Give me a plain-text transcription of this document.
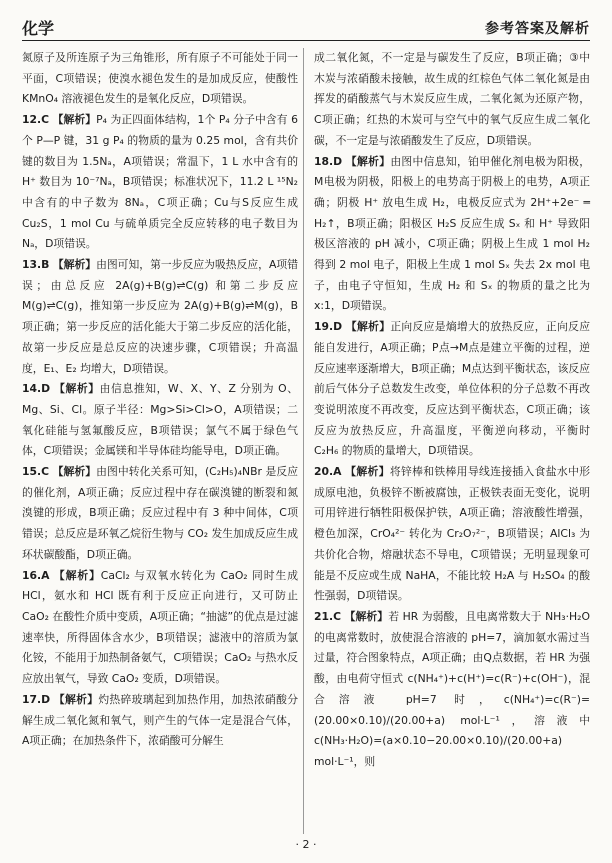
化学	参考答案及解析

氮原子及所连原子为三角锥形，所有原子不可能处于同一平面，C项错误；使溴水褪色发生的是加成反应，使酸性 KMnO₄ 溶液褪色发生的是氧化反应，D项错误。

12.C 【解析】P₄ 为正四面体结构，1个 P₄ 分子中含有 6 个 P—P 键，31 g P₄ 的物质的量为 0.25 mol，含有共价键的数目为 1.5Nₐ，A项错误；常温下，1 L 水中含有的 H⁺ 数目为 10⁻⁷Nₐ，B项错误；标准状况下，11.2 L ¹⁵N₂ 中含有的中子数为 8Nₐ，C项正确；Cu与S反应生成 Cu₂S，1 mol Cu 与硫单质完全反应转移的电子数目为 Nₐ，D项错误。

13.B 【解析】由图可知，第一步反应为吸热反应，A项错误；由总反应 2A(g)+B(g)⇌C(g) 和第二步反应 M(g)⇌C(g)，推知第一步反应为 2A(g)+B(g)⇌M(g)，B项正确；第一步反应的活化能大于第二步反应的活化能，故第一步反应是总反应的决速步骤，C项错误；升高温度，E₁、E₂ 均增大，D项错误。

14.D 【解析】由信息推知，W、X、Y、Z 分别为 O、Mg、Si、Cl。原子半径：Mg>Si>Cl>O，A项错误；二氧化硅能与氢氟酸反应，B项错误；氯气不属于绿色气体，C项错误；金属镁和半导体硅均能导电，D项正确。

15.C 【解析】由图中转化关系可知，(C₂H₅)₄NBr 是反应的催化剂，A项正确；反应过程中存在碳溴键的断裂和氮溴键的形成，B项正确；反应过程中有 3 种中间体，C项错误；总反应是环氧乙烷衍生物与 CO₂ 发生加成反应生成环状碳酸酯，D项正确。

16.A 【解析】CaCl₂ 与双氧水转化为 CaO₂ 同时生成 HCl，氨水和 HCl 既有利于反应正向进行，又可防止 CaO₂ 在酸性介质中变质，A项正确；“抽滤”的优点是过滤速率快，所得固体含水少，B项错误；滤液中的溶质为氯化铵，不能用于加热制备氨气，C项错误；CaO₂ 与热水反应放出氧气，导致 CaO₂ 变质，D项错误。

17.D 【解析】灼热碎玻璃起到加热作用，加热浓硝酸分解生成二氧化氮和氧气，则产生的气体一定是混合气体，A项正确；在加热条件下，浓硝酸可分解生

成二氧化氮，不一定是与碳发生了反应，B项正确；③中木炭与浓硝酸未接触，故生成的红棕色气体二氧化氮是由挥发的硝酸蒸气与木炭反应生成，二氧化氮为还原产物，C项正确；红热的木炭可与空气中的氧气反应生成二氧化碳，不一定是与浓硝酸发生了反应，D项错误。

18.D 【解析】由图中信息知，铂甲催化剂电极为阳极，M电极为阴极，阳极上的电势高于阴极上的电势，A项正确；阴极 H⁺ 放电生成 H₂，电极反应式为 2H⁺+2e⁻ ═ H₂↑，B项正确；阳极区 H₂S 反应生成 Sₓ 和 H⁺ 导致阳极区溶液的 pH 减小，C项正确；阴极上生成 1 mol H₂ 得到 2 mol 电子，阳极上生成 1 mol Sₓ 失去 2x mol 电子，由电子守恒知，生成 H₂ 和 Sₓ 的物质的量之比为 x:1，D项错误。

19.D 【解析】正向反应是熵增大的放热反应，正向反应能自发进行，A项正确；P点→M点是建立平衡的过程，逆反应速率逐渐增大，B项正确；M点达到平衡状态，该反应前后气体分子总数发生改变，单位体积的分子总数不再改变说明浓度不再改变，反应达到平衡状态，C项正确；该反应为放热反应，升高温度，平衡逆向移动，平衡时 C₂H₆ 的物质的量增大，D项错误。

20.A 【解析】将锌棒和铁棒用导线连接插入食盐水中形成原电池，负极锌不断被腐蚀，正极铁表面无变化，说明可用锌进行牺牲阳极保护铁，A项正确；溶液酸性增强，橙色加深，CrO₄²⁻ 转化为 Cr₂O₇²⁻，B项错误；AlCl₃ 为共价化合物，熔融状态不导电，C项错误；无明显现象可能是不反应或生成 NaHA，不能比较 H₂A 与 H₂SO₄ 的酸性强弱，D项错误。

21.C 【解析】若 HR 为弱酸，且电离常数大于 NH₃·H₂O 的电离常数时，放使混合溶液的 pH=7，滴加氨水需过当过量，符合图象特点，A项正确；由Q点数据，若 HR 为强酸，由电荷守恒式 c(NH₄⁺)+c(H⁺)=c(R⁻)+c(OH⁻)，混合溶液 pH=7 时，c(NH₄⁺)=c(R⁻)=(20.00×0.10)/(20.00+a) mol·L⁻¹，溶液中 c(NH₃·H₂O)=(a×0.10−20.00×0.10)/(20.00+a) mol·L⁻¹，则

· 2 ·
